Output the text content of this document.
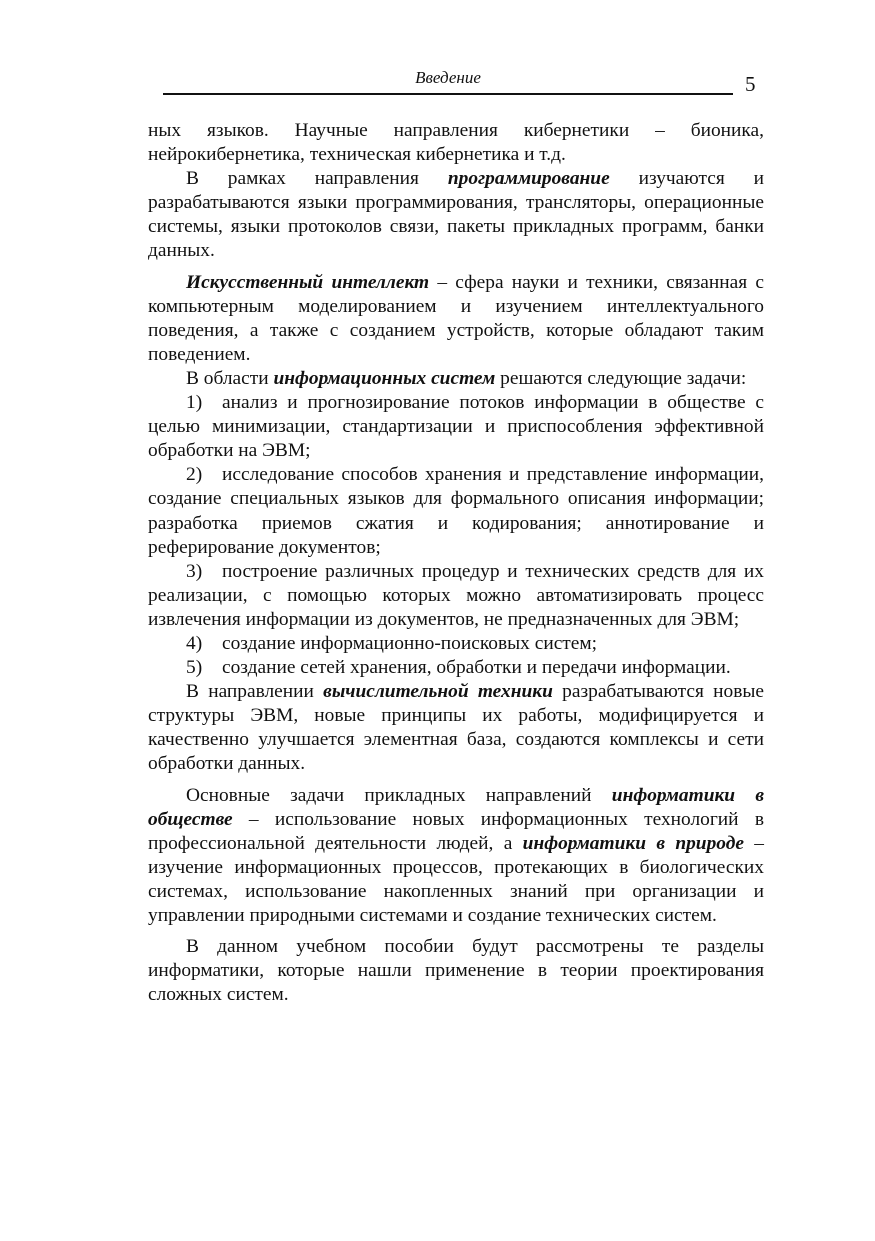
Введение	5

ных языков. Научные направления кибернетики – бионика, нейрокибернетика, техническая кибернетика и т.д.

В рамках направления программирование изучаются и разрабатываются языки программирования, трансляторы, операционные системы, языки протоколов связи, пакеты прикладных программ, банки данных.

Искусственный интеллект – сфера науки и техники, связанная с компьютерным моделированием и изучением интеллектуального поведения, а также с созданием устройств, которые обладают таким поведением.

В области информационных систем решаются следующие задачи:

1) анализ и прогнозирование потоков информации в обществе с целью минимизации, стандартизации и приспособления эффективной обработки на ЭВМ;

2) исследование способов хранения и представление информации, создание специальных языков для формального описания информации; разработка приемов сжатия и кодирования; аннотирование и реферирование документов;

3) построение различных процедур и технических средств для их реализации, с помощью которых можно автоматизировать процесс извлечения информации из документов, не предназначенных для ЭВМ;

4) создание информационно-поисковых систем;

5) создание сетей хранения, обработки и передачи информации.

В направлении вычислительной техники разрабатываются новые структуры ЭВМ, новые принципы их работы, модифицируется и качественно улучшается элементная база, создаются комплексы и сети обработки данных.

Основные задачи прикладных направлений информатики в обществе – использование новых информационных технологий в профессиональной деятельности людей, а информатики в природе – изучение информационных процессов, протекающих в биологических системах, использование накопленных знаний при организации и управлении природными системами и создание технических систем.

В данном учебном пособии будут рассмотрены те разделы информатики, которые нашли применение в теории проектирования сложных систем.
